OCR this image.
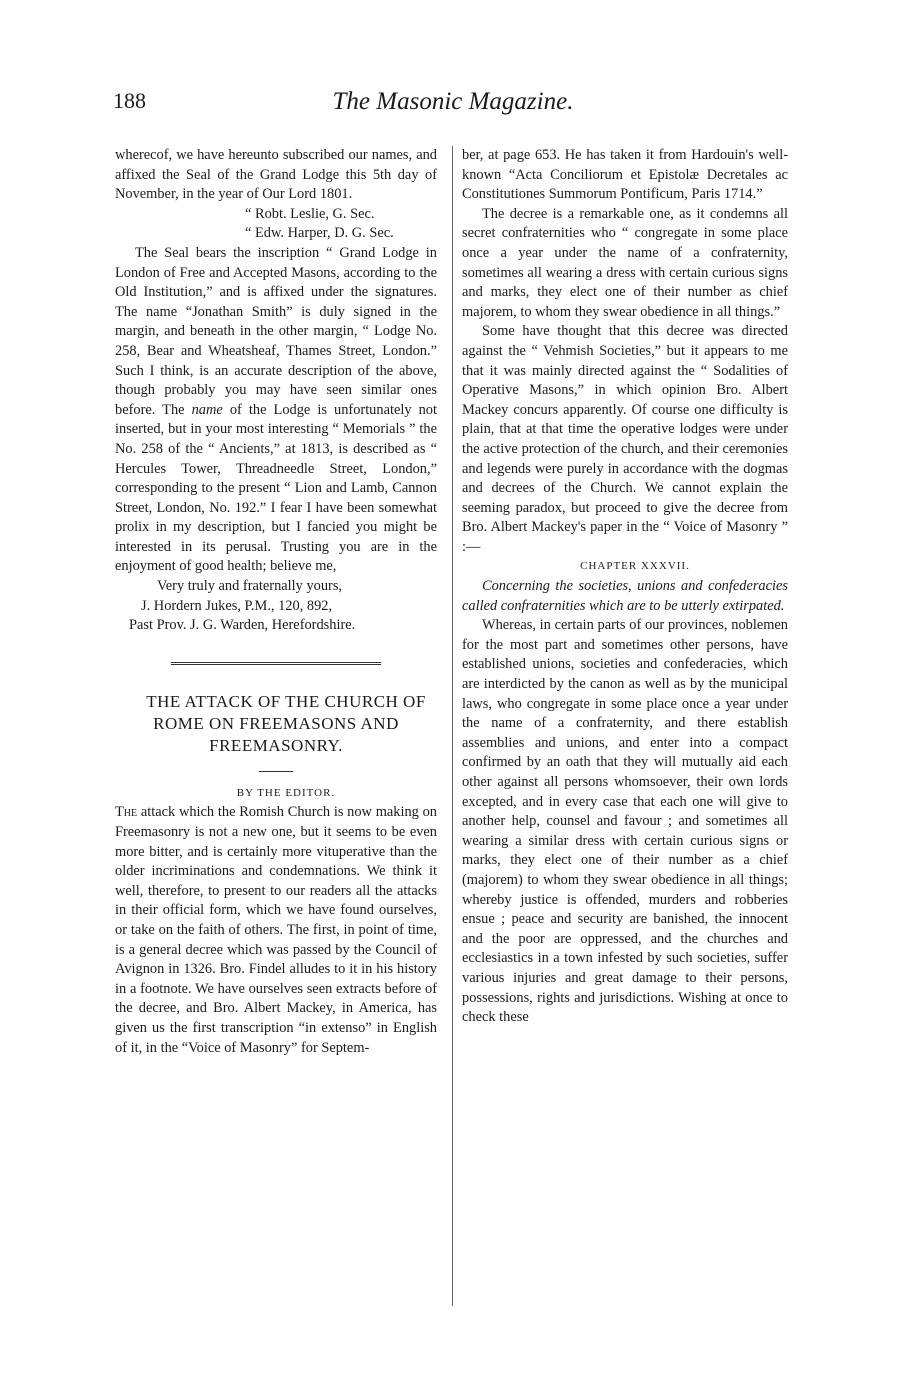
188	The Masonic Magazine.

wherecof, we have hereunto subscribed our names, and affixed the Seal of the Grand Lodge this 5th day of November, in the year of Our Lord 1801.

“ Robt. Leslie, G. Sec.

“ Edw. Harper, D. G. Sec.

The Seal bears the inscription “ Grand Lodge in London of Free and Accepted Masons, according to the Old Institution,” and is affixed under the signatures. The name “Jonathan Smith” is duly signed in the margin, and beneath in the other margin, “ Lodge No. 258, Bear and Wheatsheaf, Thames Street, London.” Such I think, is an accurate description of the above, though probably you may have seen similar ones before. The name of the Lodge is unfortunately not inserted, but in your most interesting “ Memorials ” the No. 258 of the “ Ancients,” at 1813, is described as “ Hercules Tower, Threadneedle Street, London,” corresponding to the present “ Lion and Lamb, Cannon Street, London, No. 192.” I fear I have been somewhat prolix in my description, but I fancied you might be interested in its perusal. Trusting you are in the enjoyment of good health; believe me,

Very truly and fraternally yours,

J. Hordern Jukes, P.M., 120, 892,

Past Prov. J. G. Warden, Herefordshire.

THE ATTACK OF THE CHURCH OF ROME ON FREEMASONS AND FREEMASONRY.

BY THE EDITOR.

The attack which the Romish Church is now making on Freemasonry is not a new one, but it seems to be even more bitter, and is certainly more vituperative than the older incriminations and condemnations. We think it well, therefore, to present to our readers all the attacks in their official form, which we have found ourselves, or take on the faith of others. The first, in point of time, is a general decree which was passed by the Council of Avignon in 1326. Bro. Findel alludes to it in his history in a footnote. We have ourselves seen extracts before of the decree, and Bro. Albert Mackey, in America, has given us the first transcription “in extenso” in English of it, in the “Voice of Masonry” for Septem-

ber, at page 653. He has taken it from Hardouin's well-known “Acta Conciliorum et Epistolæ Decretales ac Constitutiones Summorum Pontificum, Paris 1714.”

The decree is a remarkable one, as it condemns all secret confraternities who “ congregate in some place once a year under the name of a confraternity, sometimes all wearing a dress with certain curious signs and marks, they elect one of their number as chief majorem, to whom they swear obedience in all things.”

Some have thought that this decree was directed against the “ Vehmish Societies,” but it appears to me that it was mainly directed against the “ Sodalities of Operative Masons,” in which opinion Bro. Albert Mackey concurs apparently. Of course one difficulty is plain, that at that time the operative lodges were under the active protection of the church, and their ceremonies and legends were purely in accordance with the dogmas and decrees of the Church. We cannot explain the seeming paradox, but proceed to give the decree from Bro. Albert Mackey's paper in the “ Voice of Masonry ” :—

CHAPTER XXXVII.

Concerning the societies, unions and confederacies called confraternities which are to be utterly extirpated.

Whereas, in certain parts of our provinces, noblemen for the most part and sometimes other persons, have established unions, societies and confederacies, which are interdicted by the canon as well as by the municipal laws, who congregate in some place once a year under the name of a confraternity, and there establish assemblies and unions, and enter into a compact confirmed by an oath that they will mutually aid each other against all persons whomsoever, their own lords excepted, and in every case that each one will give to another help, counsel and favour ; and sometimes all wearing a similar dress with certain curious signs or marks, they elect one of their number as a chief (majorem) to whom they swear obedience in all things; whereby justice is offended, murders and robberies ensue ; peace and security are banished, the innocent and the poor are oppressed, and the churches and ecclesiastics in a town infested by such societies, suffer various injuries and great damage to their persons, possessions, rights and jurisdictions. Wishing at once to check these
